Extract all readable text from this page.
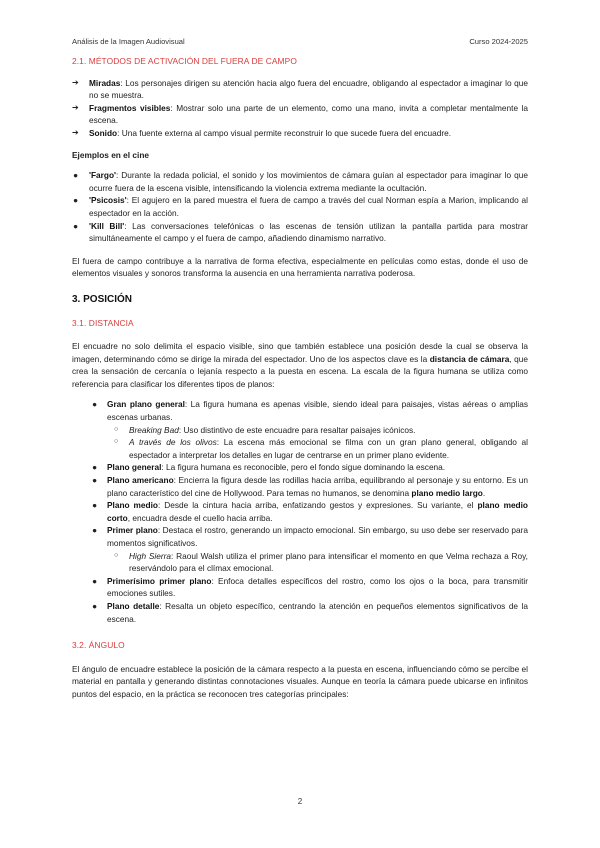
Análisis de la Imagen Audiovisual	Curso 2024-2025
2.1. MÉTODOS DE ACTIVACIÓN DEL FUERA DE CAMPO
➔ Miradas: Los personajes dirigen su atención hacia algo fuera del encuadre, obligando al espectador a imaginar lo que no se muestra.
➔ Fragmentos visibles: Mostrar solo una parte de un elemento, como una mano, invita a completar mentalmente la escena.
➔ Sonido: Una fuente externa al campo visual permite reconstruir lo que sucede fuera del encuadre.
Ejemplos en el cine
● 'Fargo': Durante la redada policial, el sonido y los movimientos de cámara guían al espectador para imaginar lo que ocurre fuera de la escena visible, intensificando la violencia extrema mediante la ocultación.
● 'Psicosis': El agujero en la pared muestra el fuera de campo a través del cual Norman espía a Marion, implicando al espectador en la acción.
● 'Kill Bill': Las conversaciones telefónicas o las escenas de tensión utilizan la pantalla partida para mostrar simultáneamente el campo y el fuera de campo, añadiendo dinamismo narrativo.

El fuera de campo contribuye a la narrativa de forma efectiva, especialmente en películas como estas, donde el uso de elementos visuales y sonoros transforma la ausencia en una herramienta narrativa poderosa.

3. POSICIÓN
3.1. DISTANCIA

El encuadre no solo delimita el espacio visible, sino que también establece una posición desde la cual se observa la imagen, determinando cómo se dirige la mirada del espectador. Uno de los aspectos clave es la distancia de cámara, que crea la sensación de cercanía o lejanía respecto a la puesta en escena. La escala de la figura humana se utiliza como referencia para clasificar los diferentes tipos de planos:

● Gran plano general: La figura humana es apenas visible, siendo ideal para paisajes, vistas aéreas o amplias escenas urbanas.
○ Breaking Bad: Uso distintivo de este encuadre para resaltar paisajes icónicos.
○ A través de los olivos: La escena más emocional se filma con un gran plano general, obligando al espectador a interpretar los detalles en lugar de centrarse en un primer plano evidente.
● Plano general: La figura humana es reconocible, pero el fondo sigue dominando la escena.
● Plano americano: Encierra la figura desde las rodillas hacia arriba, equilibrando al personaje y su entorno. Es un plano característico del cine de Hollywood. Para temas no humanos, se denomina plano medio largo.
● Plano medio: Desde la cintura hacia arriba, enfatizando gestos y expresiones. Su variante, el plano medio corto, encuadra desde el cuello hacia arriba.
● Primer plano: Destaca el rostro, generando un impacto emocional. Sin embargo, su uso debe ser reservado para momentos significativos.
○ High Sierra: Raoul Walsh utiliza el primer plano para intensificar el momento en que Velma rechaza a Roy, reservándolo para el clímax emocional.
● Primerísimo primer plano: Enfoca detalles específicos del rostro, como los ojos o la boca, para transmitir emociones sutiles.
● Plano detalle: Resalta un objeto específico, centrando la atención en pequeños elementos significativos de la escena.
3.2. ÁNGULO

El ángulo de encuadre establece la posición de la cámara respecto a la puesta en escena, influenciando cómo se percibe el material en pantalla y generando distintas connotaciones visuales. Aunque en teoría la cámara puede ubicarse en infinitos puntos del espacio, en la práctica se reconocen tres categorías principales:

2
